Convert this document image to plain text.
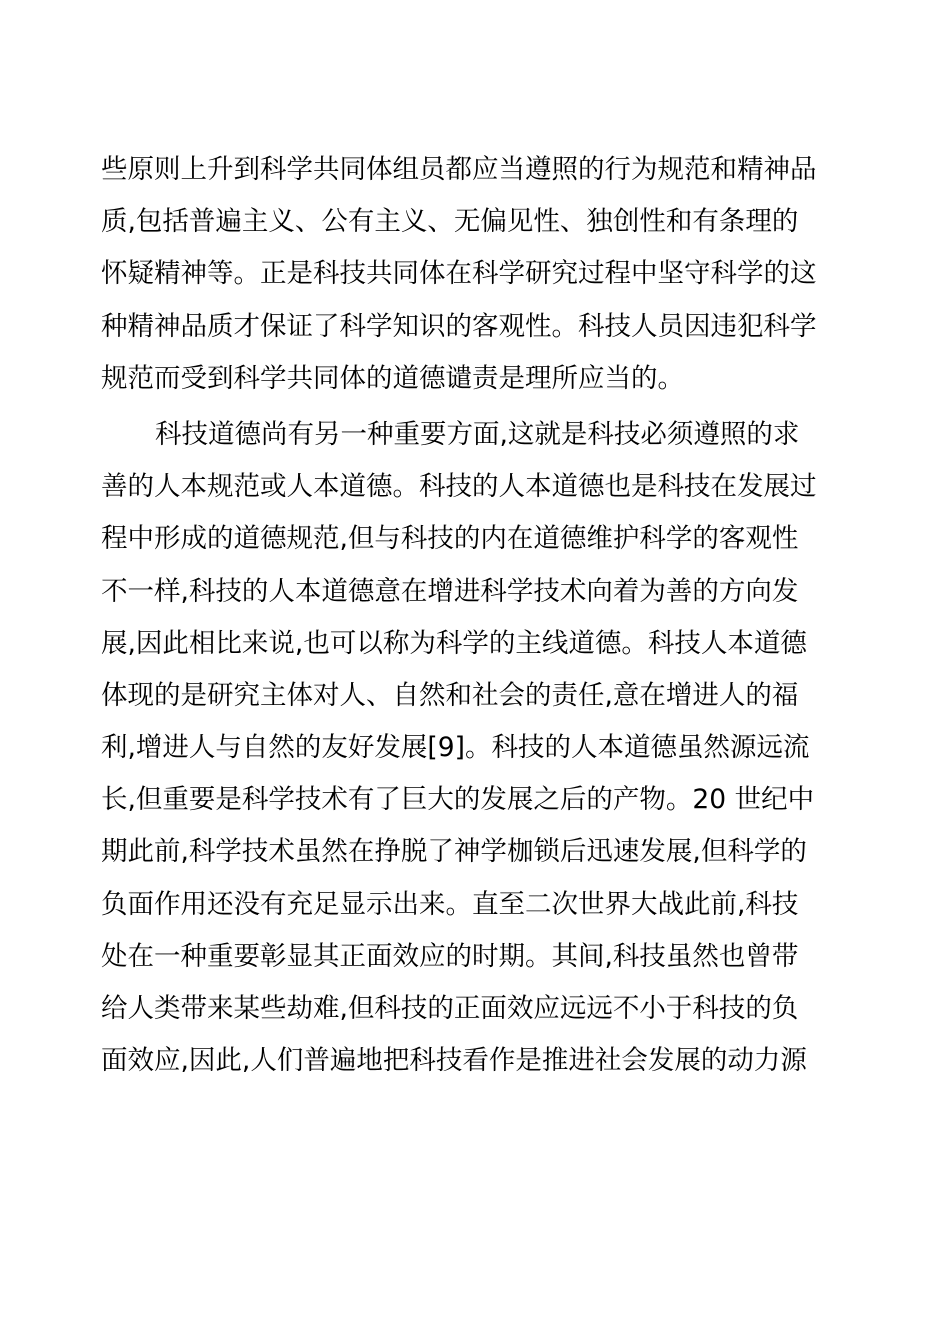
些原则上升到科学共同体组员都应当遵照的行为规范和精神品
质,包括普遍主义、公有主义、无偏见性、独创性和有条理的
怀疑精神等。正是科技共同体在科学研究过程中坚守科学的这
种精神品质才保证了科学知识的客观性。科技人员因违犯科学
规范而受到科学共同体的道德谴责是理所应当的。
科技道德尚有另一种重要方面,这就是科技必须遵照的求
善的人本规范或人本道德。科技的人本道德也是科技在发展过
程中形成的道德规范,但与科技的内在道德维护科学的客观性
不一样,科技的人本道德意在增进科学技术向着为善的方向发
展,因此相比来说,也可以称为科学的主线道德。科技人本道德
体现的是研究主体对人、自然和社会的责任,意在增进人的福
利,增进人与自然的友好发展[9]。科技的人本道德虽然源远流
长,但重要是科学技术有了巨大的发展之后的产物。20 世纪中
期此前,科学技术虽然在挣脱了神学枷锁后迅速发展,但科学的
负面作用还没有充足显示出来。直至二次世界大战此前,科技
处在一种重要彰显其正面效应的时期。其间,科技虽然也曾带
给人类带来某些劫难,但科技的正面效应远远不小于科技的负
面效应,因此,人们普遍地把科技看作是推进社会发展的动力源
